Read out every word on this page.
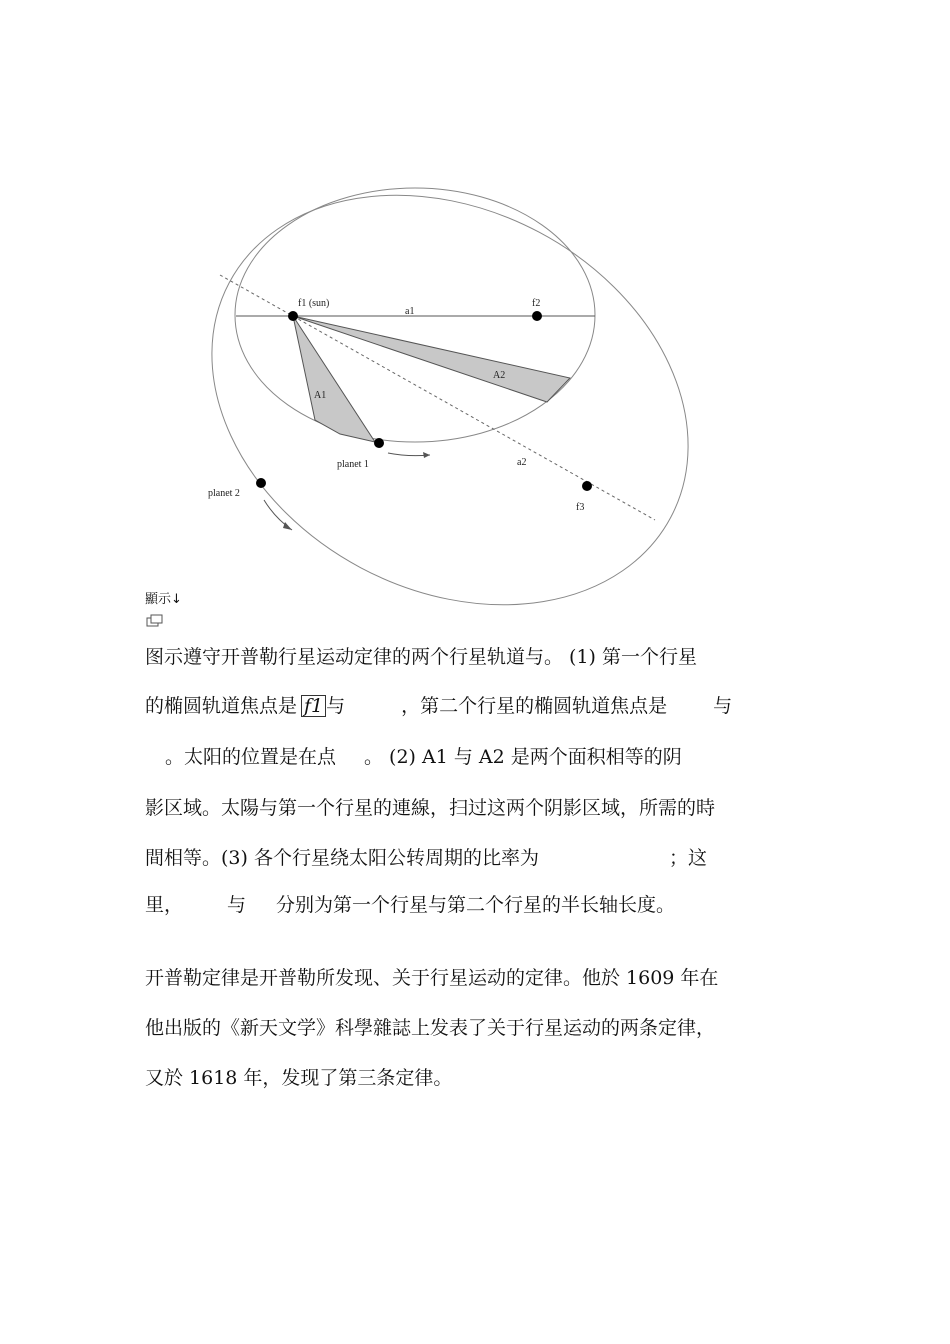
f1 (sun)	f2
f3
a1
a2
A1
A2
planet 1
planet 2
顯示↓
图示遵守开普勒行星运动定律的两个行星轨道与。 (1) 第一个行星
的椭圆轨道焦点是 f1 与	，第二个行星的椭圆轨道焦点是 与
。太阳的位置是在点 。 (2) A1 与 A2 是两个面积相等的阴
影区域。太陽与第一个行星的連線，扫过这两个阴影区域，所需的時
間相等。(3) 各个行星绕太阳公转周期的比率为	；这
里， 与 分别为第一个行星与第二个行星的半长轴长度。
开普勒定律是开普勒所发现、关于行星运动的定律。他於 1609 年在
他出版的《新天文学》科學雜誌上发表了关于行星运动的两条定律，
又於 1618 年，发现了第三条定律。
